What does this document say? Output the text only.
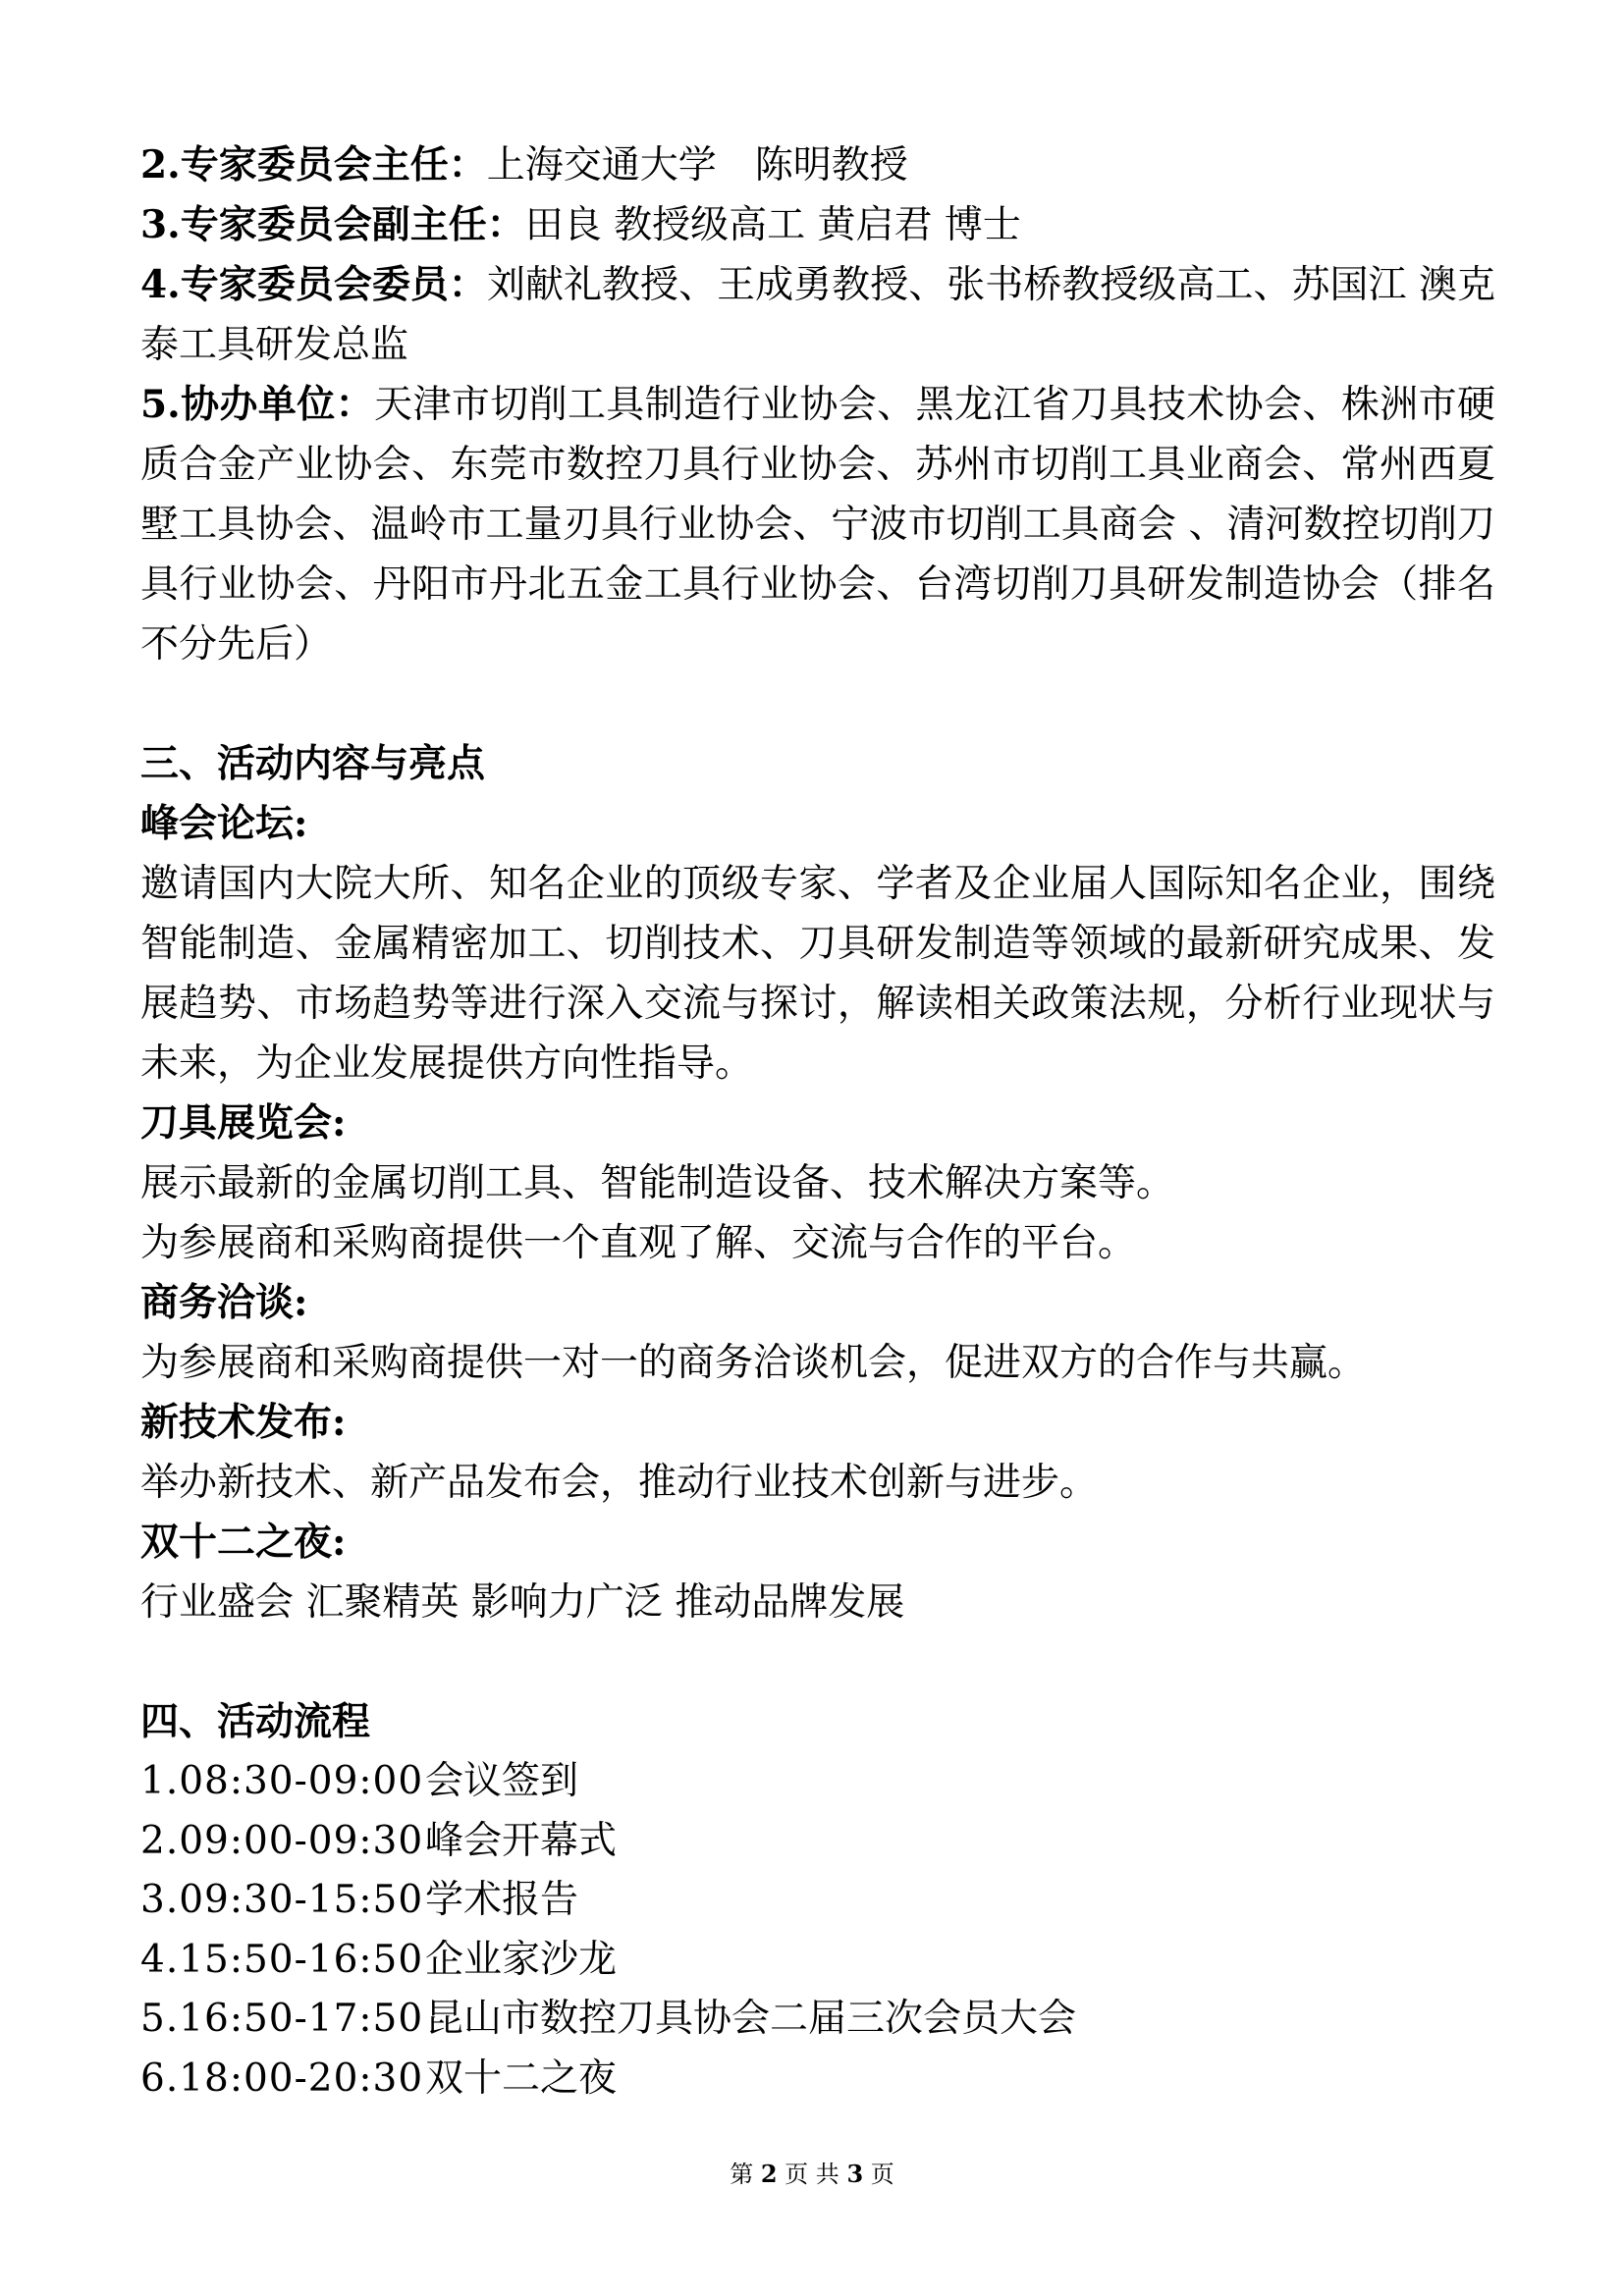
2.专家委员会主任：上海交通大学　陈明教授

3.专家委员会副主任：田良 教授级高工 黄启君 博士

4.专家委员会委员：刘献礼教授、王成勇教授、张书桥教授级高工、苏国江 澳克泰工具研发总监

5.协办单位：天津市切削工具制造行业协会、黑龙江省刀具技术协会、株洲市硬质合金产业协会、东莞市数控刀具行业协会、苏州市切削工具业商会、常州西夏墅工具协会、温岭市工量刃具行业协会、宁波市切削工具商会 、清河数控切削刀具行业协会、丹阳市丹北五金工具行业协会、台湾切削刀具研发制造协会（排名不分先后）

三、活动内容与亮点

峰会论坛:

邀请国内大院大所、知名企业的顶级专家、学者及企业届人国际知名企业，围绕智能制造、金属精密加工、切削技术、刀具研发制造等领域的最新研究成果、发展趋势、市场趋势等进行深入交流与探讨，解读相关政策法规，分析行业现状与未来，为企业发展提供方向性指导。

刀具展览会:

展示最新的金属切削工具、智能制造设备、技术解决方案等。

为参展商和采购商提供一个直观了解、交流与合作的平台。

商务洽谈:

为参展商和采购商提供一对一的商务洽谈机会，促进双方的合作与共赢。

新技术发布:

举办新技术、新产品发布会，推动行业技术创新与进步。

双十二之夜:

行业盛会 汇聚精英 影响力广泛 推动品牌发展

四、活动流程

1.08:30-09:00会议签到

2.09:00-09:30峰会开幕式

3.09:30-15:50学术报告

4.15:50-16:50企业家沙龙

5.16:50-17:50昆山市数控刀具协会二届三次会员大会

6.18:00-20:30双十二之夜

第 2 页 共 3 页
